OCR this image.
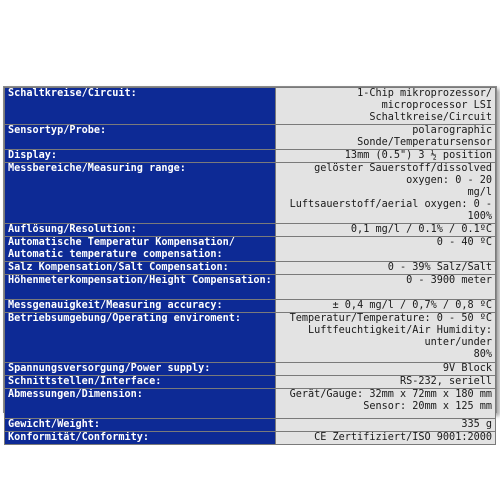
Schaltkreise/Circuit:	1-Chip mikroprozessor/ microprocessor LSI
Schaltkreise/Circuit

Sensortyp/Probe:	polarographic Sonde/Temperatursensor

Display:	13mm (0.5") 3 ½ position

Messbereiche/Measuring range:	gelöster Sauerstoff/dissolved oxygen: 0 - 20
mg/l
Luftsauerstoff/aerial oxygen: 0 - 100%

Auflösung/Resolution:	0,1 mg/l / 0.1% / 0.1ºC

Automatische Temperatur Kompensation/ Automatic temperature compensation:	0 - 40 ºC

Salz Kompensation/Salt Compensation:	0 - 39% Salz/Salt

Höhenmeterkompensation/Height Compensation:	0 - 3900 meter

Messgenauigkeit/Measuring accuracy:	± 0,4 mg/l / 0,7% / 0,8 ºC

Betriebsumgebung/Operating enviroment:	Temperatur/Temperature: 0 - 50 ºC
Luftfeuchtigkeit/Air Humidity: unter/under
80%

Spannungsversorgung/Power supply:	9V Block

Schnittstellen/Interface:	RS-232, seriell

Abmessungen/Dimension:	Gerät/Gauge: 32mm x 72mm x 180 mm
Sensor: 20mm x 125 mm

Gewicht/Weight:	335 g

Konformität/Conformity:	CE Zertifiziert/ISO 9001:2000
